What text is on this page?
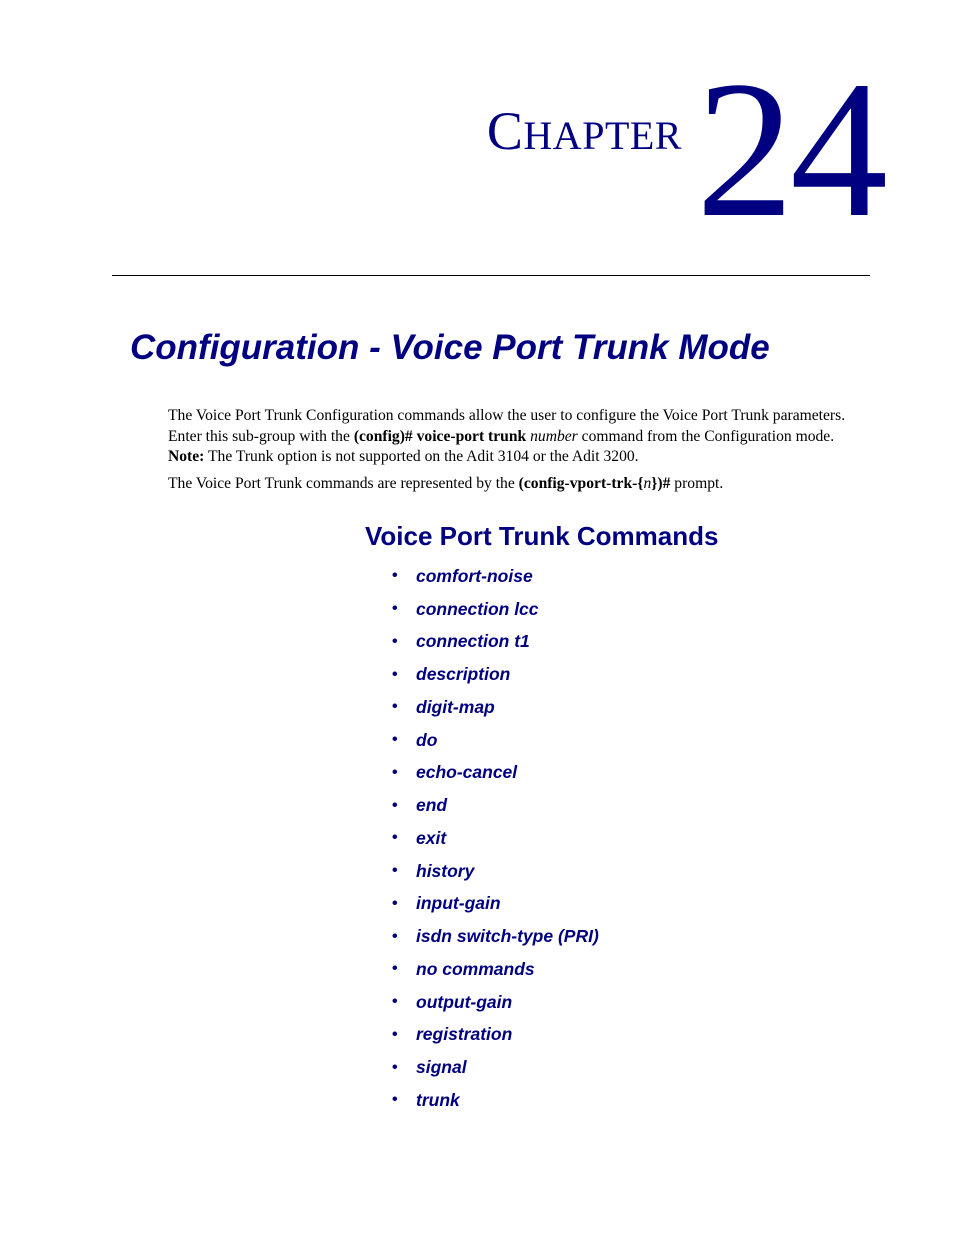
CHAPTER 24
Configuration - Voice Port Trunk Mode

The Voice Port Trunk Configuration commands allow the user to configure the Voice Port Trunk parameters. Enter this sub-group with the (config)# voice-port trunk number command from the Configuration mode. Note: The Trunk option is not supported on the Adit 3104 or the Adit 3200.

The Voice Port Trunk commands are represented by the (config-vport-trk-{n})# prompt.

Voice Port Trunk Commands
•	comfort-noise
•	connection lcc
•	connection t1
•	description
•	digit-map
•	do
•	echo-cancel
•	end
•	exit
•	history
•	input-gain
•	isdn switch-type (PRI)
•	no commands
•	output-gain
•	registration
•	signal
•	trunk
